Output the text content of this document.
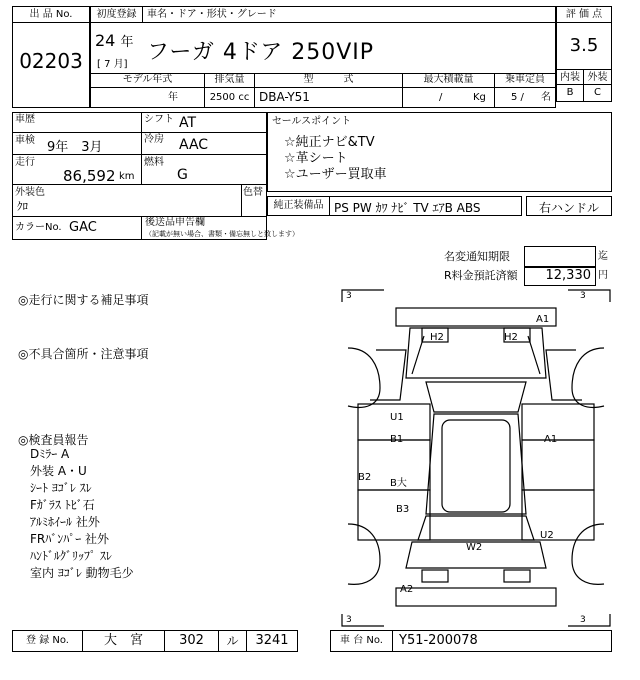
出 品 No.
02203
初度登録	車名・ドア・形状・グレード
24 年
[ 7 月] フーガ 4ドア 250VIP
モデル年式	排気量	型　　　式	最大積載量	乗車定員
年	2500 cc DBA-Y51	/	Kg	5 / 名
評 価 点
3.5
内装 外装
B	C
車歴	シフト AT
車検 9年　3月
冷房 AAC
走行
86,592 km
燃料
G
外装色
ｸﾛ
色替
カラーNo. GAC	後送品申告欄
（記載が無い場合、書類・備忘無しと致します）
セールスポイント
☆純正ナビ&TV
☆革シート
☆ユーザー買取車
純正装備品 PS PW ｶﾜ ﾅﾋﾞ TV ｴｱB ABS	右ハンドル
名変通知期限	迄
R料金預託済額	12,330 円
◎走行に関する補足事項
◎不具合箇所・注意事項
◎検査員報告
Dﾐﾗｰ A
外装 A・U
ｼｰﾄ ﾖｺﾞﾚ ｽﾚ
Fｶﾞﾗｽ ﾄﾋﾞ石
ｱﾙﾐﾎｲｰﾙ 社外
FRﾊﾞﾝﾊﾟｰ 社外
ﾊﾝﾄﾞﾙｸﾞﾘｯﾌﾟ ｽﾚ
室内 ﾖｺﾞﾚ 動物毛少
3	3
3	3
A1
H2	H2
U1
B1	A1
B2
B大
B3
U2
W2
A2
登 録 No.	大　宮	302	ル	3241	車 台 No.	Y51-200078
